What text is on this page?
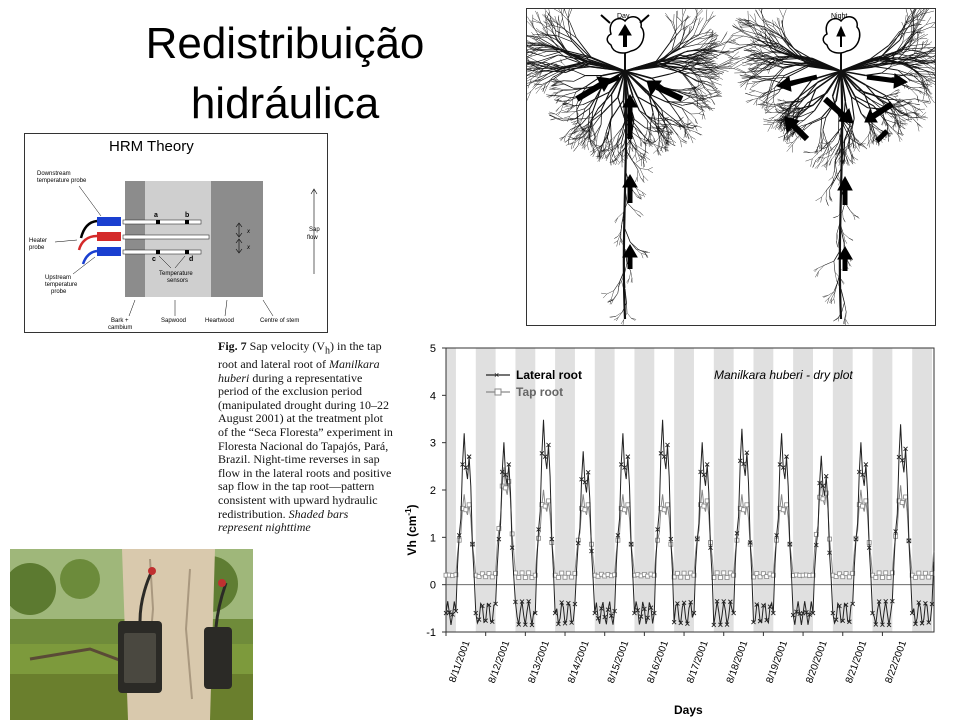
Redistribuição
hidráulica
Day	Night
HRM Theory
a	b
c	d
x
x
Sap
flow
Downstream
temperature probe
Heater
probe
Upstream
temperature
probe
Temperature
sensors
Bark +
cambium
Sapwood	Heartwood	Centre of stem
Fig. 7 Sap velocity $(V_h)$ in the tap root and lateral root of Manilkara huberi during a representative period of the exclusion period (manipulated drought during 10–22 August 2001) at the treatment plot of the “Seca Floresta” experiment in Floresta Nacional do Tapajós, Pará, Brazil. Night-time reverses in sap flow in the lateral roots and positive sap flow in the tap root—pattern consistent with upward hydraulic redistribution. Shaded bars represent nighttime
-1
0
1
2
3
4
5
8/11/2001 8/12/2001 8/13/2001 8/14/2001 8/15/2001 8/16/2001 8/17/2001 8/18/2001 8/19/2001 8/20/2001 8/21/2001 8/22/2001
× Lateral root
Tap root
Manilkara huberi - dry plot
Days
Vh $(cm^{-1})$
